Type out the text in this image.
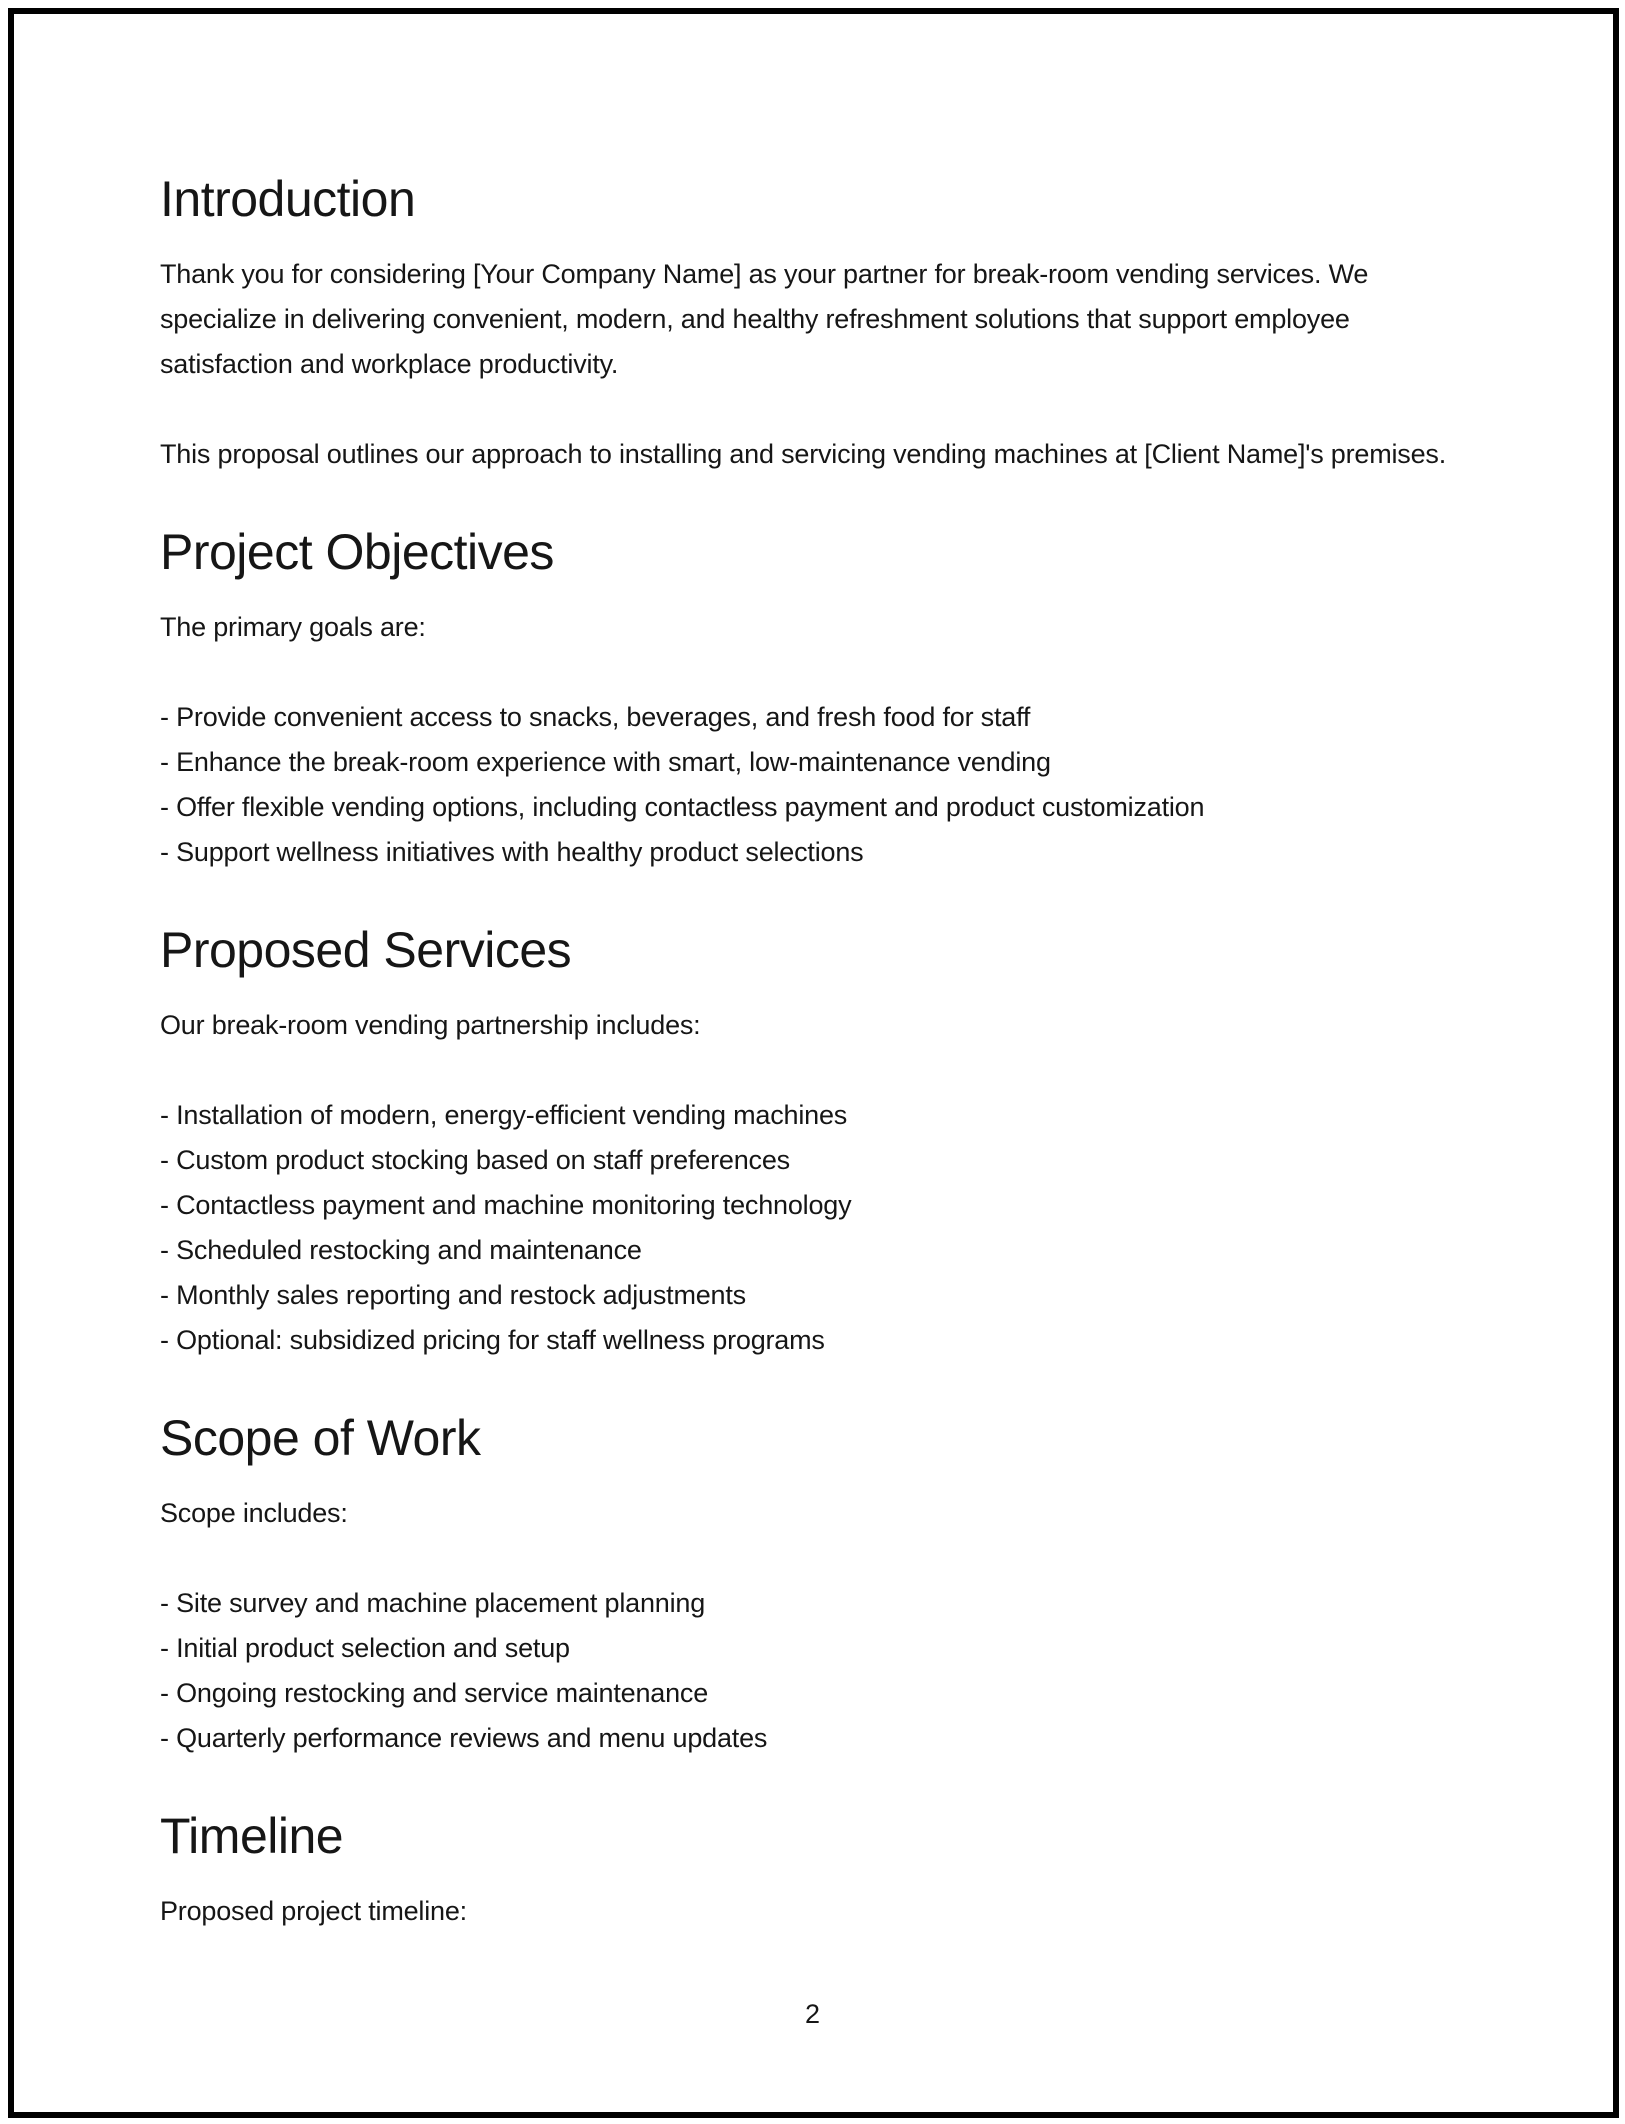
Introduction

Thank you for considering [Your Company Name] as your partner for break-room vending services. We specialize in delivering convenient, modern, and healthy refreshment solutions that support employee satisfaction and workplace productivity.

This proposal outlines our approach to installing and servicing vending machines at [Client Name]'s premises.

Project Objectives

The primary goals are:

- Provide convenient access to snacks, beverages, and fresh food for staff
- Enhance the break-room experience with smart, low-maintenance vending
- Offer flexible vending options, including contactless payment and product customization
- Support wellness initiatives with healthy product selections
Proposed Services

Our break-room vending partnership includes:

- Installation of modern, energy-efficient vending machines
- Custom product stocking based on staff preferences
- Contactless payment and machine monitoring technology
- Scheduled restocking and maintenance
- Monthly sales reporting and restock adjustments
- Optional: subsidized pricing for staff wellness programs
Scope of Work

Scope includes:

- Site survey and machine placement planning
- Initial product selection and setup
- Ongoing restocking and service maintenance
- Quarterly performance reviews and menu updates
Timeline

Proposed project timeline:

2
